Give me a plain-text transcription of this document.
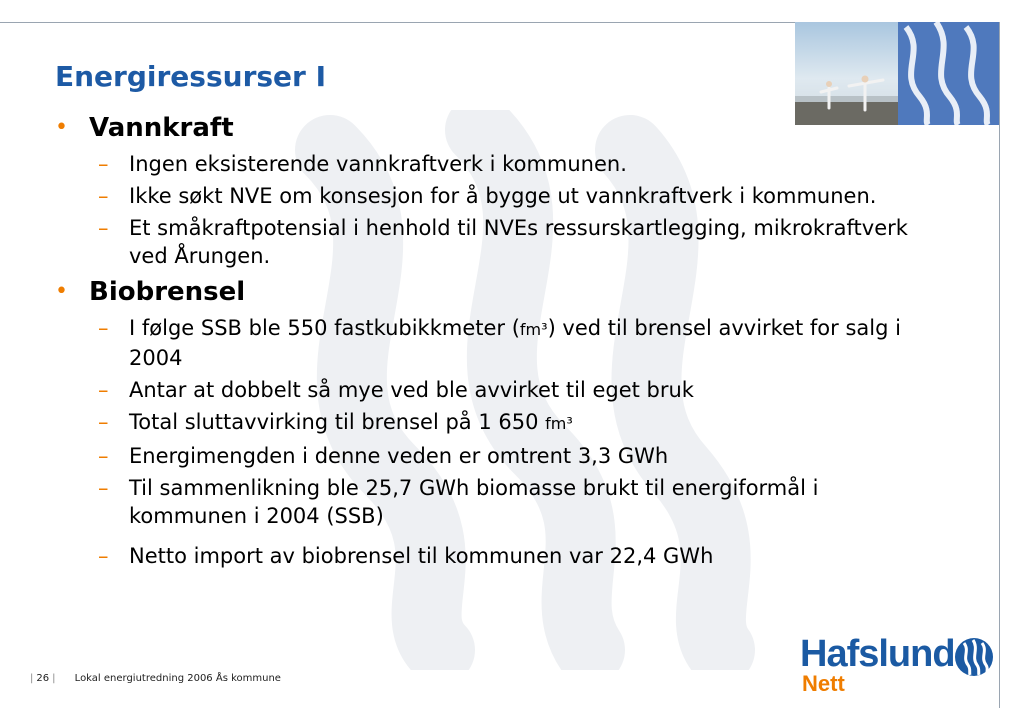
Energiressurser I
• Vannkraft
– Ingen eksisterende vannkraftverk i kommunen.
– Ikke søkt NVE om konsesjon for å bygge ut vannkraftverk i kommunen.
– Et småkraftpotensial i henhold til NVEs ressurskartlegging, mikrokraftverk ved Årungen.
• Biobrensel
– I følge SSB ble 550 fastkubikkmeter (fm³) ved til brensel avvirket for salg i 2004
– Antar at dobbelt så mye ved ble avvirket til eget bruk
– Total sluttavvirking til brensel på 1 650 fm³
– Energimengden i denne veden er omtrent 3,3 GWh
– Til sammenlikning ble 25,7 GWh biomasse brukt til energiformål i kommunen i 2004 (SSB)
– Netto import av biobrensel til kommunen var 22,4 GWh
| 26 | Lokal energiutredning 2006 Ås kommune
Hafslund
Nett
